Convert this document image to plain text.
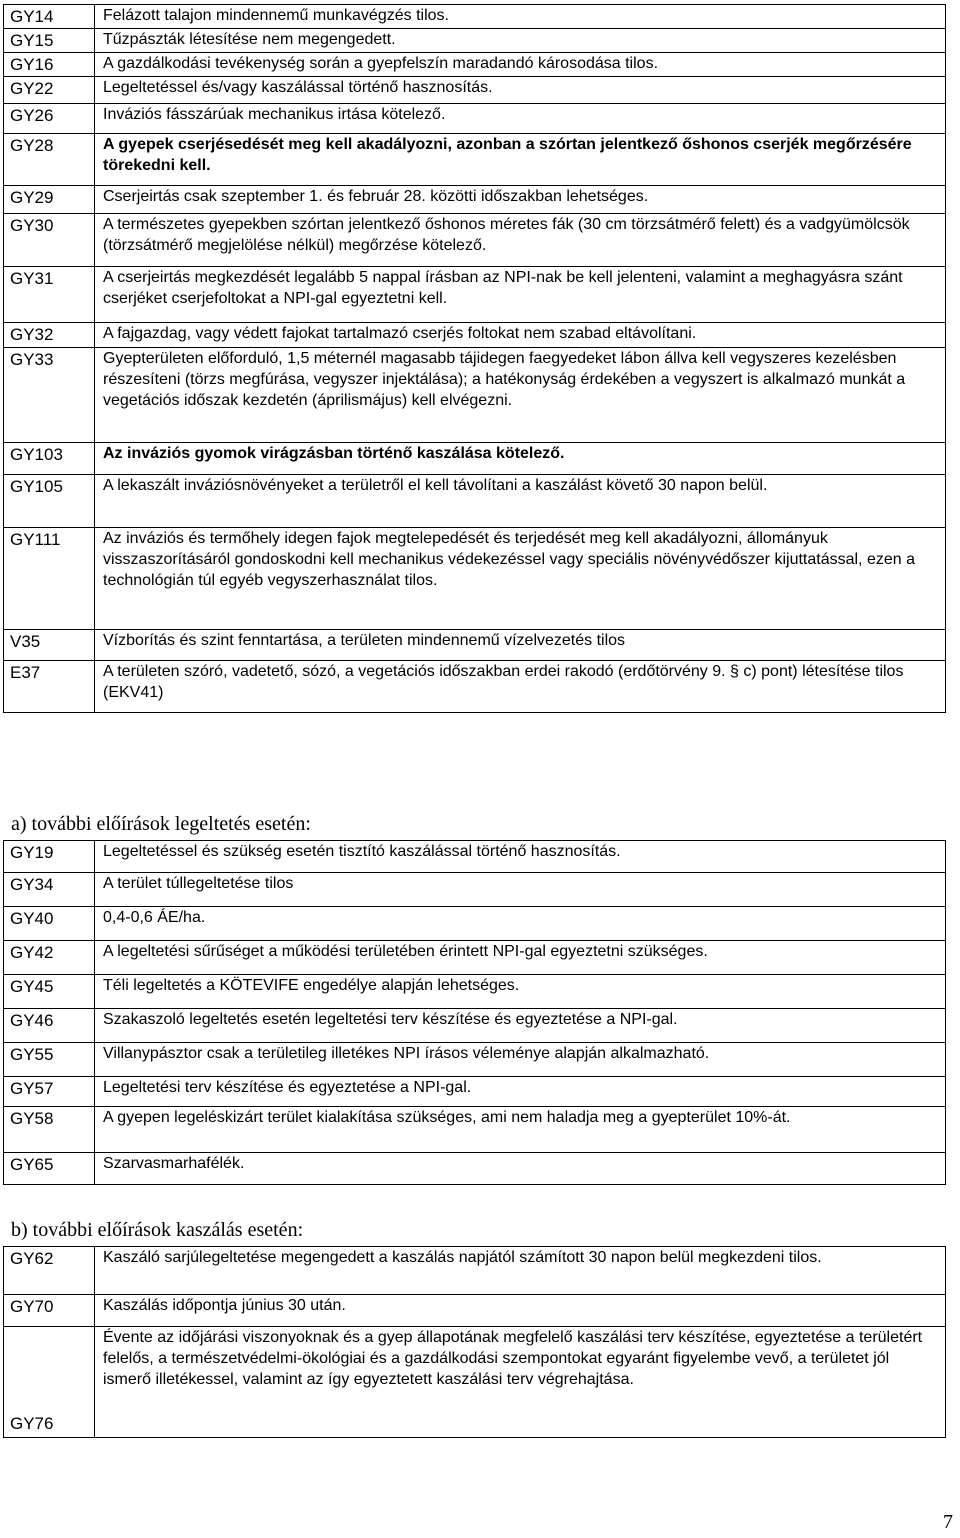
GY14	Felázott talajon mindennemű munkavégzés tilos.
GY15	Tűzpászták létesítése nem megengedett.
GY16	A gazdálkodási tevékenység során a gyepfelszín maradandó károsodása tilos.
GY22	Legeltetéssel és/vagy kaszálással történő hasznosítás.
GY26	Inváziós fásszárúak mechanikus irtása kötelező.
GY28	A gyepek cserjésedését meg kell akadályozni, azonban a szórtan jelentkező őshonos cserjék megőrzésére törekedni kell.
GY29	Cserjeirtás csak szeptember 1. és február 28. közötti időszakban lehetséges.
GY30	A természetes gyepekben szórtan jelentkező őshonos méretes fák (30 cm törzsátmérő felett) és a vadgyümölcsök (törzsátmérő megjelölése nélkül) megőrzése kötelező.
GY31	A cserjeirtás megkezdését legalább 5 nappal írásban az NPI-nak be kell jelenteni, valamint a meghagyásra szánt cserjéket cserjefoltokat a NPI-gal egyeztetni kell.
GY32	A fajgazdag, vagy védett fajokat tartalmazó cserjés foltokat nem szabad eltávolítani.
GY33	Gyepterületen előforduló, 1,5 méternél magasabb tájidegen faegyedeket lábon állva kell vegyszeres kezelésben részesíteni (törzs megfúrása, vegyszer injektálása); a hatékonyság érdekében a vegyszert is alkalmazó munkát a vegetációs időszak kezdetén (áprilismájus) kell elvégezni.
GY103	Az inváziós gyomok virágzásban történő kaszálása kötelező.
GY105	A lekaszált inváziósnövényeket a területről el kell távolítani a kaszálást követő 30 napon belül.
GY111	Az inváziós és termőhely idegen fajok megtelepedését és terjedését meg kell akadályozni, állományuk visszaszorításáról gondoskodni kell mechanikus védekezéssel vagy speciális növényvédőszer kijuttatással, ezen a technológián túl egyéb vegyszerhasználat tilos.
V35	Vízborítás és szint fenntartása, a területen mindennemű vízelvezetés tilos
E37	A területen szóró, vadetető, sózó, a vegetációs időszakban erdei rakodó (erdőtörvény 9. § c) pont) létesítése tilos (EKV41)
a) további előírások legeltetés esetén:
GY19	Legeltetéssel és szükség esetén tisztító kaszálással történő hasznosítás.
GY34	A terület túllegeltetése tilos
GY40	0,4-0,6 ÁE/ha.
GY42	A legeltetési sűrűséget a működési területében érintett NPI-gal egyeztetni szükséges.
GY45	Téli legeltetés a KÖTEVIFE engedélye alapján lehetséges.
GY46	Szakaszoló legeltetés esetén legeltetési terv készítése és egyeztetése a NPI-gal.
GY55	Villanypásztor csak a területileg illetékes NPI írásos véleménye alapján alkalmazható.
GY57	Legeltetési terv készítése és egyeztetése a NPI-gal.
GY58	A gyepen legeléskizárt terület kialakítása szükséges, ami nem haladja meg a gyepterület 10%-át.
GY65	Szarvasmarhafélék.
b) további előírások kaszálás esetén:
GY62	Kaszáló sarjúlegeltetése megengedett a kaszálás napjától számított 30 napon belül megkezdeni tilos.
GY70	Kaszálás időpontja június 30 után.
GY76	Évente az időjárási viszonyoknak és a gyep állapotának megfelelő kaszálási terv készítése, egyeztetése a területért felelős, a természetvédelmi-ökológiai és a gazdálkodási szempontokat egyaránt figyelembe vevő, a területet jól ismerő illetékessel, valamint az így egyeztetett kaszálási terv végrehajtása.
7
